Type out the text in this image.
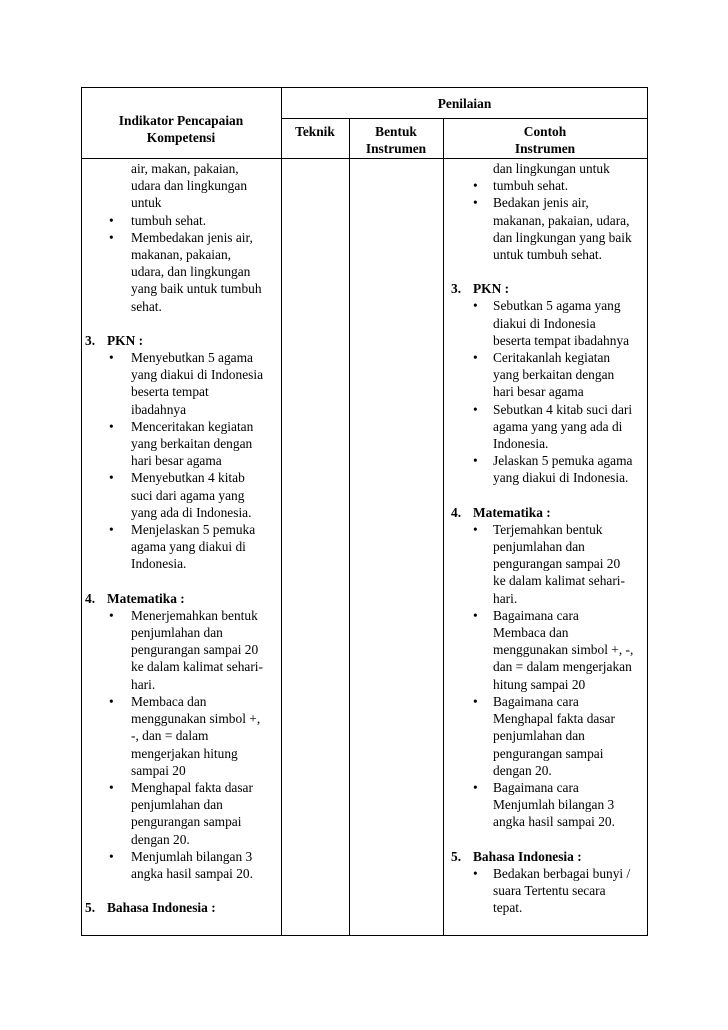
Penilaian
Indikator Pencapaian
Kompetensi	Teknik	Bentuk
Instrumen
Contoh
Instrumen
air, makan, pakaian,
udara dan lingkungan
untuk
• tumbuh sehat.
• Membedakan jenis air,
makanan, pakaian,
udara, dan lingkungan
yang baik untuk tumbuh
sehat.
3. PKN :
• Menyebutkan 5 agama
yang diakui di Indonesia
beserta tempat
ibadahnya
• Menceritakan kegiatan
yang berkaitan dengan
hari besar agama
• Menyebutkan 4 kitab
suci dari agama yang
yang ada di Indonesia.
• Menjelaskan 5 pemuka
agama yang diakui di
Indonesia.
4. Matematika :
• Menerjemahkan bentuk
penjumlahan dan
pengurangan sampai 20
ke dalam kalimat sehari-
hari.
• Membaca dan
menggunakan simbol +,
-, dan = dalam
mengerjakan hitung
sampai 20
• Menghapal fakta dasar
penjumlahan dan
pengurangan sampai
dengan 20.
• Menjumlah bilangan 3
angka hasil sampai 20.
5. Bahasa Indonesia :
dan lingkungan untuk
• tumbuh sehat.
• Bedakan jenis air,
makanan, pakaian, udara,
dan lingkungan yang baik
untuk tumbuh sehat.
3. PKN :
• Sebutkan 5 agama yang
diakui di Indonesia
beserta tempat ibadahnya
• Ceritakanlah kegiatan
yang berkaitan dengan
hari besar agama
• Sebutkan 4 kitab suci dari
agama yang yang ada di
Indonesia.
• Jelaskan 5 pemuka agama
yang diakui di Indonesia.
4. Matematika :
• Terjemahkan bentuk
penjumlahan dan
pengurangan sampai 20
ke dalam kalimat sehari-
hari.
• Bagaimana cara
Membaca dan
menggunakan simbol +, -,
dan = dalam mengerjakan
hitung sampai 20
• Bagaimana cara
Menghapal fakta dasar
penjumlahan dan
pengurangan sampai
dengan 20.
• Bagaimana cara
Menjumlah bilangan 3
angka hasil sampai 20.
5. Bahasa Indonesia :
• Bedakan berbagai bunyi /
suara Tertentu secara
tepat.
